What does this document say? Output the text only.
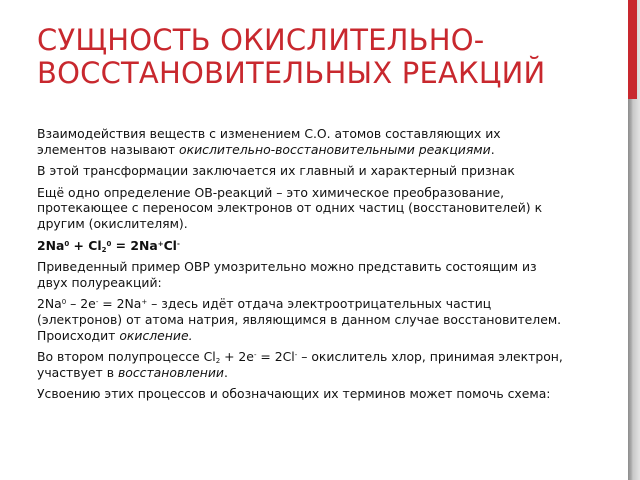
СУЩНОСТЬ ОКИСЛИТЕЛЬНО-ВОССТАНОВИТЕЛЬНЫХ РЕАКЦИЙ

Взаимодействия веществ с изменением С.О. атомов составляющих их элементов называют окислительно-восстановительными реакциями.

В этой трансформации заключается их главный и характерный признак

Ещё одно определение ОВ-реакций – это химическое преобразование, протекающее с переносом электронов от одних частиц (восстановителей) к другим (окислителям).

$2Na^0 + Cl_2^0 = 2Na^+Cl^-$

Приведенный пример ОВР умозрительно можно представить состоящим из двух полуреакций:

2Na$^0$ – 2e- = 2Na+ – здесь идёт отдача электроотрицательных частиц (электронов) от атома натрия, являющимся в данном случае восстановителем. Происходит окисление.

Во втором полупроцессе $Cl_2 + 2e^- = 2Cl^-$ – окислитель хлор, принимая электрон, участвует в восстановлении.

Усвоению этих процессов и обозначающих их терминов может помочь схема:
